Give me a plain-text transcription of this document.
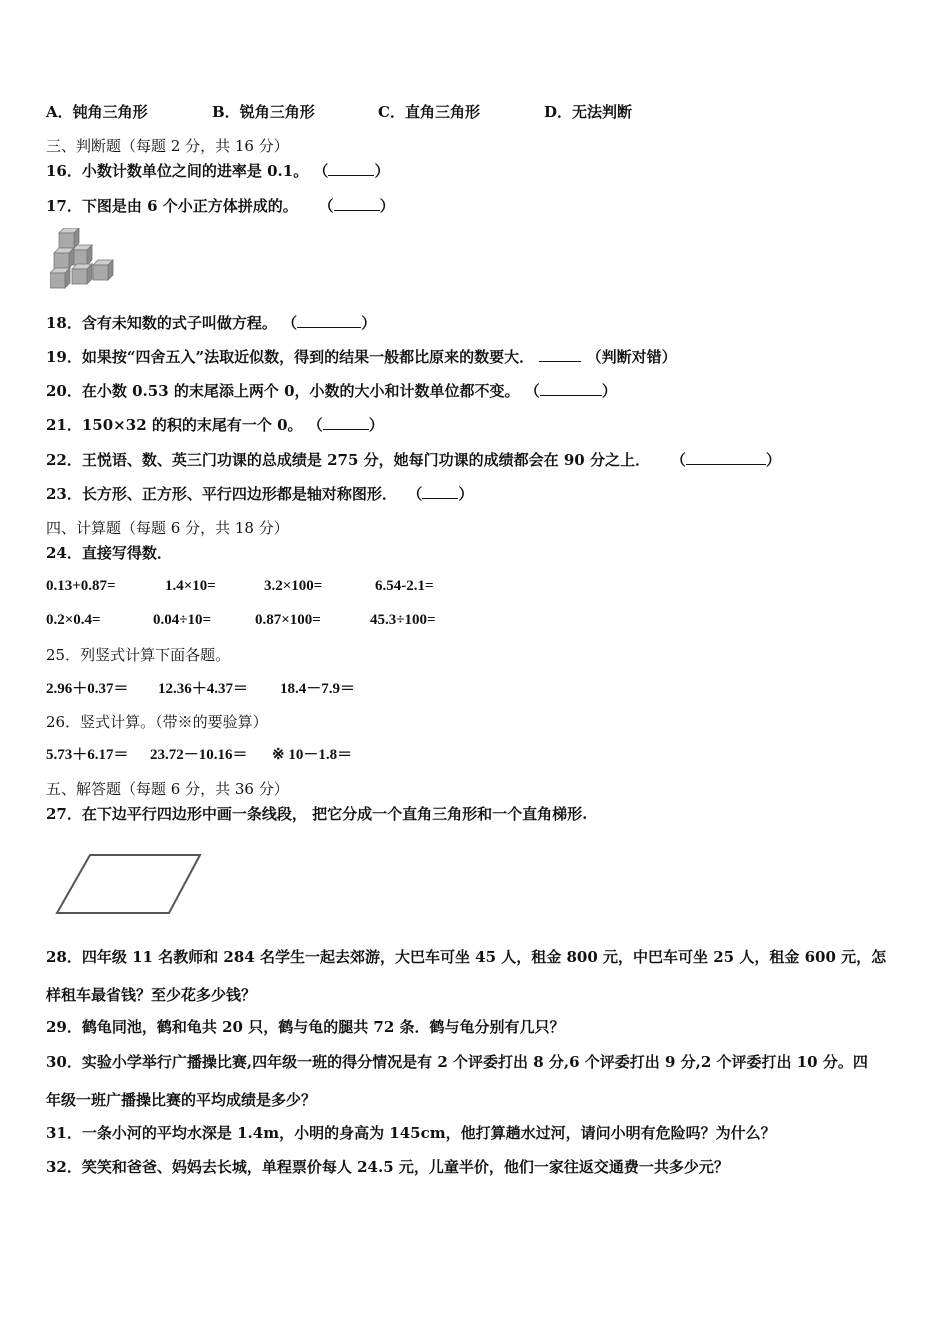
A．钝角三角形	B．锐角三角形	C．直角三角形	D．无法判断
三、判断题（每题 2 分，共 16 分）
16．小数计数单位之间的进率是 0.1。 （	）
17．下图是由 6 个小正方体拼成的。    （	）
18．含有未知数的式子叫做方程。 （	）
19．如果按“四舍五入”法取近似数，得到的结果一般都比原来的数要大．	（判断对错）
20．在小数 0.53 的末尾添上两个 0，小数的大小和计数单位都不变。 （	）
21．150×32 的积的末尾有一个 0。 （	）
22．王悦语、数、英三门功课的总成绩是 275 分，她每门功课的成绩都会在 90 分之上．    （	）
23．长方形、正方形、平行四边形都是轴对称图形．  （ ）
四、计算题（每题 6 分，共 18 分）
24．直接写得数．
0.13+0.87=	1.4×10=	3.2×100=	6.54-2.1=
0.2×0.4=	0.04÷10=	0.87×100=	45.3÷100=
25．列竖式计算下面各题。
2.96＋0.37＝ 12.36＋4.37＝ 18.4－7.9＝
26．竖式计算。（带※的要验算）
5.73＋6.17＝ 23.72－10.16＝ ※ 10－1.8＝
五、解答题（每题 6 分，共 36 分）
27．在下边平行四边形中画一条线段， 把它分成一个直角三角形和一个直角梯形.
28．四年级 11 名教师和 284 名学生一起去郊游，大巴车可坐 45 人，租金 800 元，中巴车可坐 25 人，租金 600 元，怎
样租车最省钱？至少花多少钱？
29．鹤龟同池，鹤和龟共 20 只，鹤与龟的腿共 72 条．鹤与龟分别有几只？
30．实验小学举行广播操比赛,四年级一班的得分情况是有 2 个评委打出 8 分,6 个评委打出 9 分,2 个评委打出 10 分。四
年级一班广播操比赛的平均成绩是多少？
31．一条小河的平均水深是 1.4m，小明的身高为 145cm，他打算趟水过河，请问小明有危险吗？为什么？
32．笑笑和爸爸、妈妈去长城，单程票价每人 24.5 元，儿童半价，他们一家往返交通费一共多少元？
